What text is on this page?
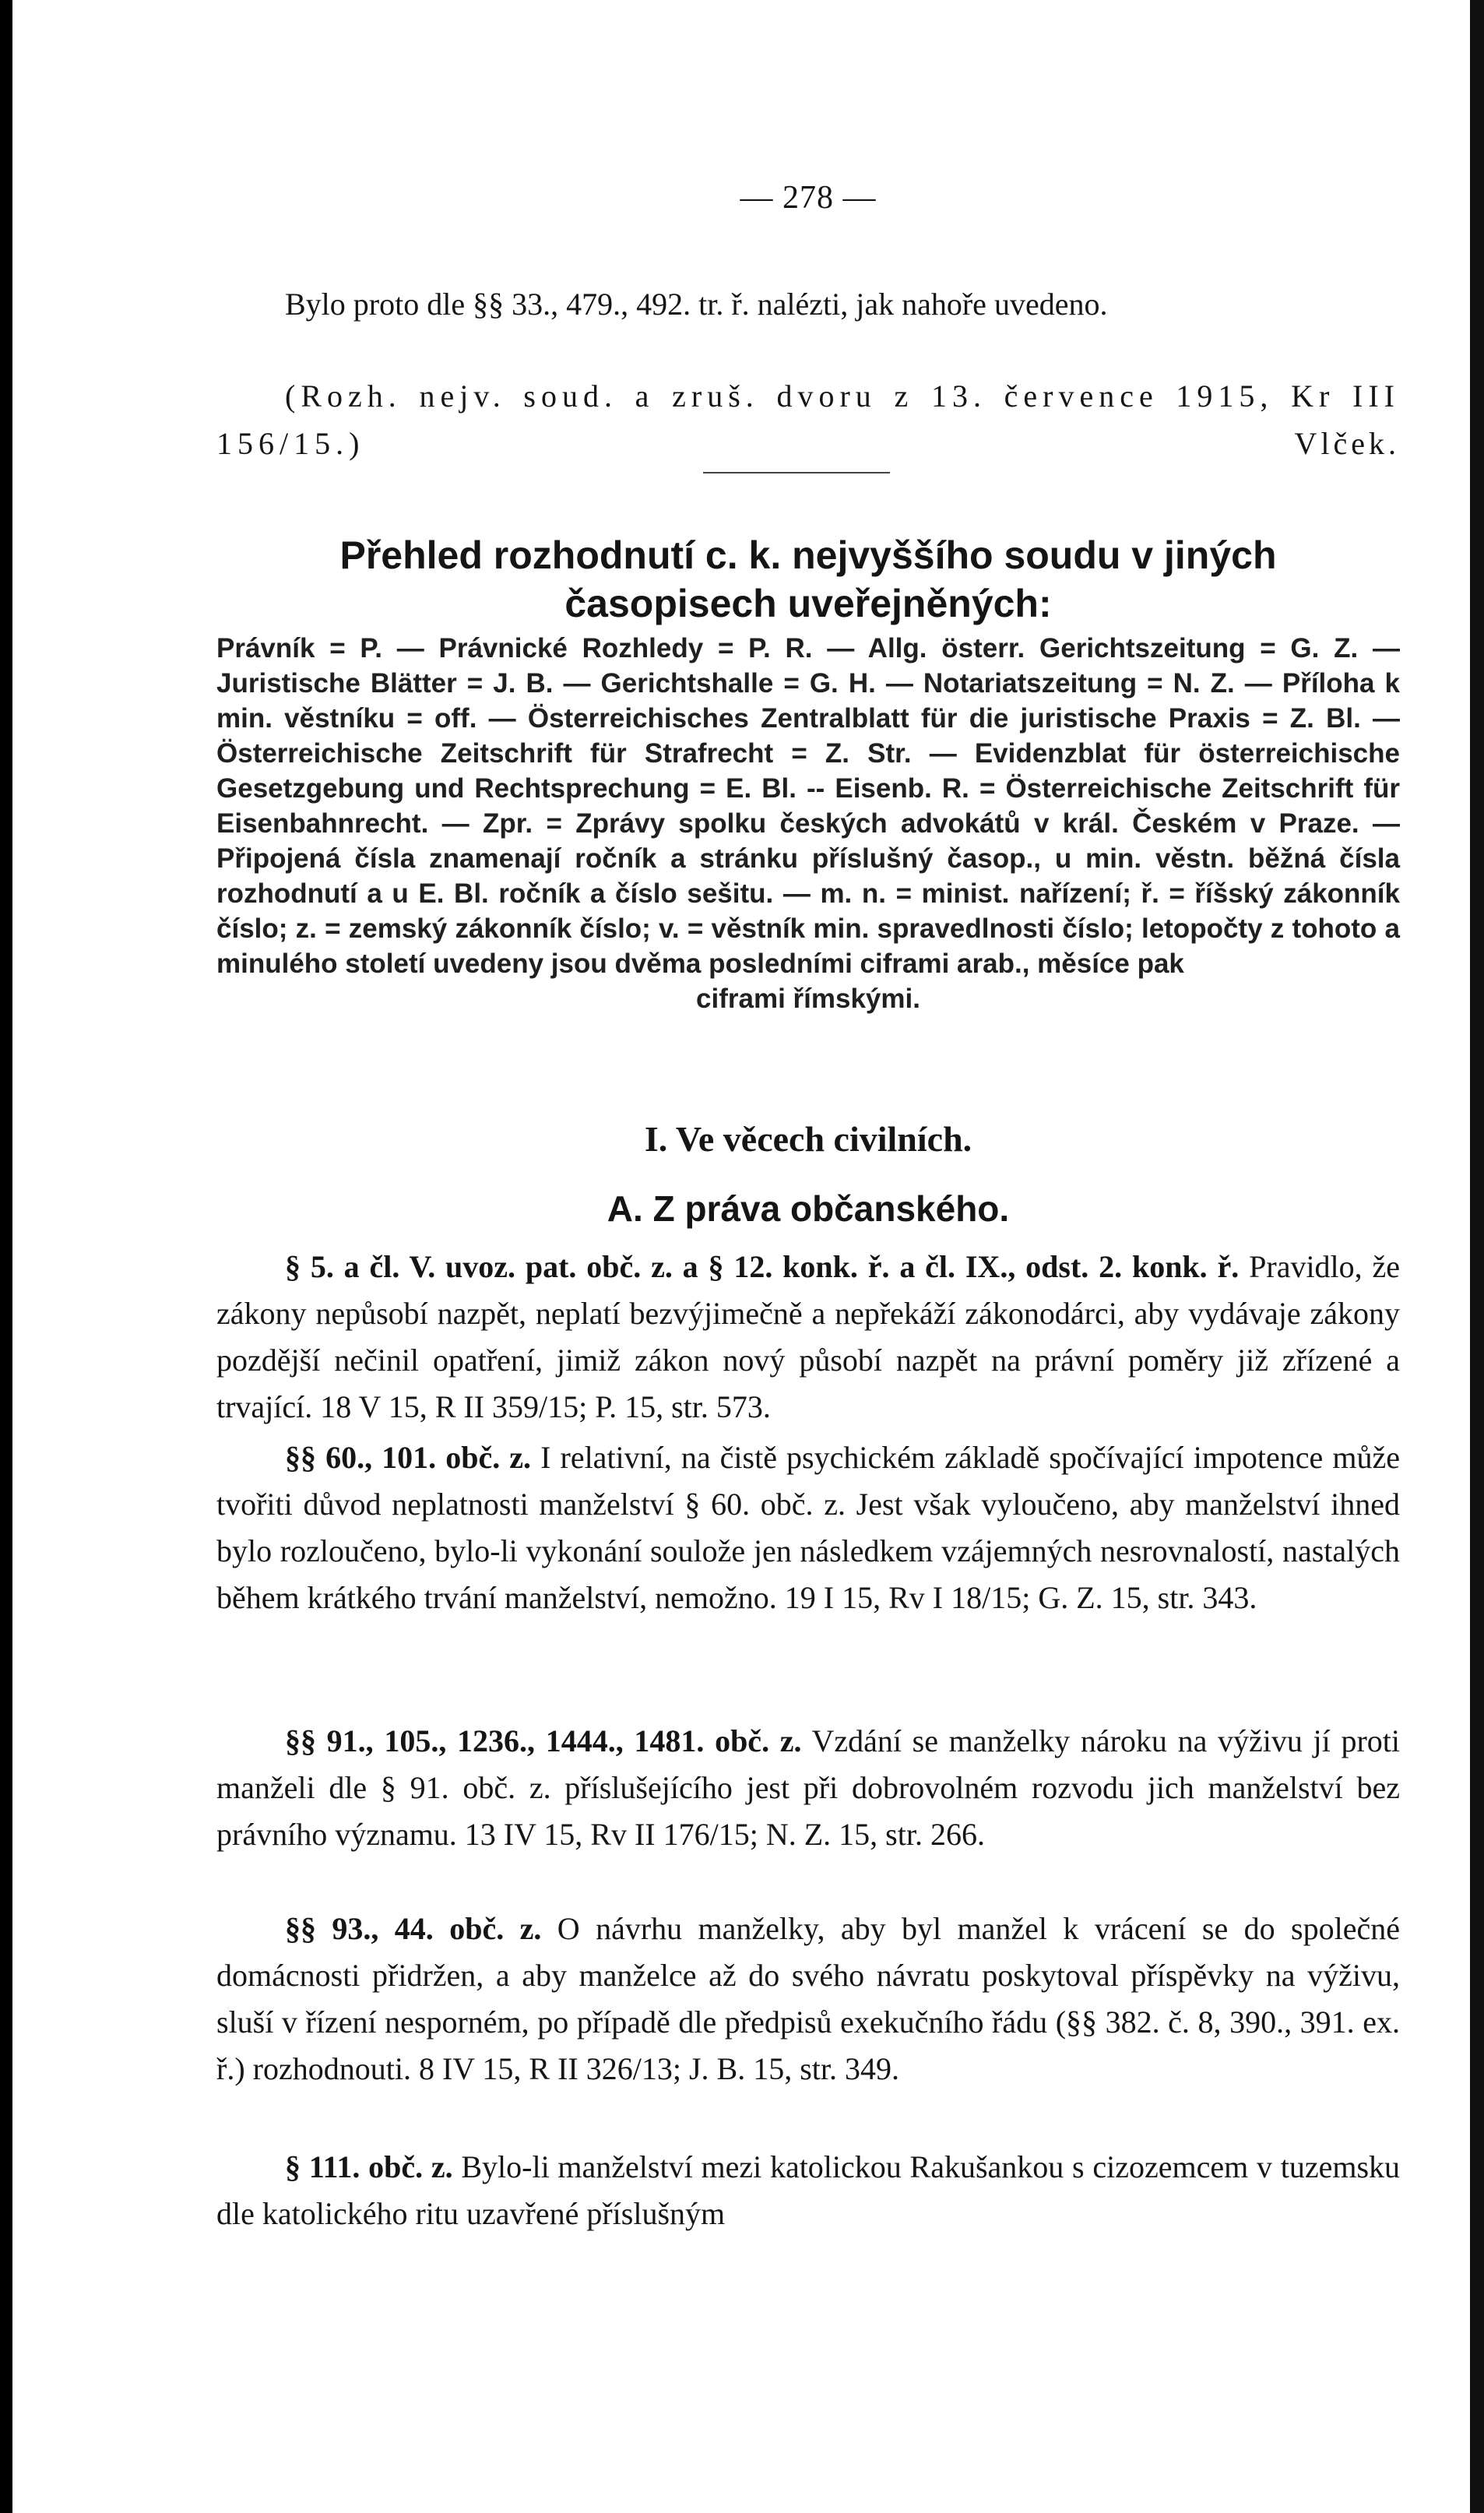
— 278 —
Bylo proto dle §§ 33., 479., 492. tr. ř. nalézti, jak nahoře uvedeno.
(Rozh. nejv. soud. a zruš. dvoru z 13. července 1915, Kr III 156/15.)	Vlček.
Přehled rozhodnutí c. k. nejvyššího soudu v jiných
časopisech uveřejněných:
Právník = P. — Právnické Rozhledy = P. R. — Allg. österr. Gerichtszeitung = G. Z. — Juristische Blätter = J. B. — Gerichtshalle = G. H. — Notariatszeitung = N. Z. — Příloha k min. věstníku = off. — Österreichisches Zentralblatt für die juristische Praxis = Z. Bl. — Österreichische Zeitschrift für Strafrecht = Z. Str. — Evidenzblat für österreichische Gesetzgebung und Rechtsprechung = E. Bl. -- Eisenb. R. = Österreichische Zeitschrift für Eisenbahnrecht. — Zpr. = Zprávy spolku českých advokátů v král. Českém v Praze. — Připojená čísla znamenají ročník a stránku příslušný časop., u min. věstn. běžná čísla rozhodnutí a u E. Bl. ročník a číslo sešitu. — m. n. = minist. nařízení; ř. = říšský zákonník číslo; z. = zemský zákonník číslo; v. = věstník min. spravedlnosti číslo; letopočty z tohoto a minulého století uvedeny jsou dvěma posledními ciframi arab., měsíce pak
ciframi římskými.
I. Ve věcech civilních.
A. Z práva občanského.
§ 5. a čl. V. uvoz. pat. obč. z. a § 12. konk. ř. a čl. IX., odst. 2. konk. ř. Pravidlo, že zákony nepůsobí nazpět, neplatí bezvýjimečně a nepřekáží zákonodárci, aby vydávaje zákony pozdější nečinil opatření, jimiž zákon nový působí nazpět na právní poměry již zřízené a trvající. 18 V 15, R II 359/15; P. 15, str. 573.
§§ 60., 101. obč. z. I relativní, na čistě psychickém základě spočívající impotence může tvořiti důvod neplatnosti manželství § 60. obč. z. Jest však vyloučeno, aby manželství ihned bylo rozloučeno, bylo-li vykonání soulože jen následkem vzájemných nesrovnalostí, nastalých během krátkého trvání manželství, nemožno. 19 I 15, Rv I 18/15; G. Z. 15, str. 343.
§§ 91., 105., 1236., 1444., 1481. obč. z. Vzdání se manželky nároku na výživu jí proti manželi dle § 91. obč. z. příslušejícího jest při dobrovolném rozvodu jich manželství bez právního významu. 13 IV 15, Rv II 176/15; N. Z. 15, str. 266.
§§ 93., 44. obč. z. O návrhu manželky, aby byl manžel k vrácení se do společné domácnosti přidržen, a aby manželce až do svého návratu poskytoval příspěvky na výživu, sluší v řízení nesporném, po případě dle předpisů exekučního řádu (§§ 382. č. 8, 390., 391. ex. ř.) rozhodnouti. 8 IV 15, R II 326/13; J. B. 15, str. 349.
§ 111. obč. z. Bylo-li manželství mezi katolickou Rakušankou s cizozemcem v tuzemsku dle katolického ritu uzavřené příslušným
